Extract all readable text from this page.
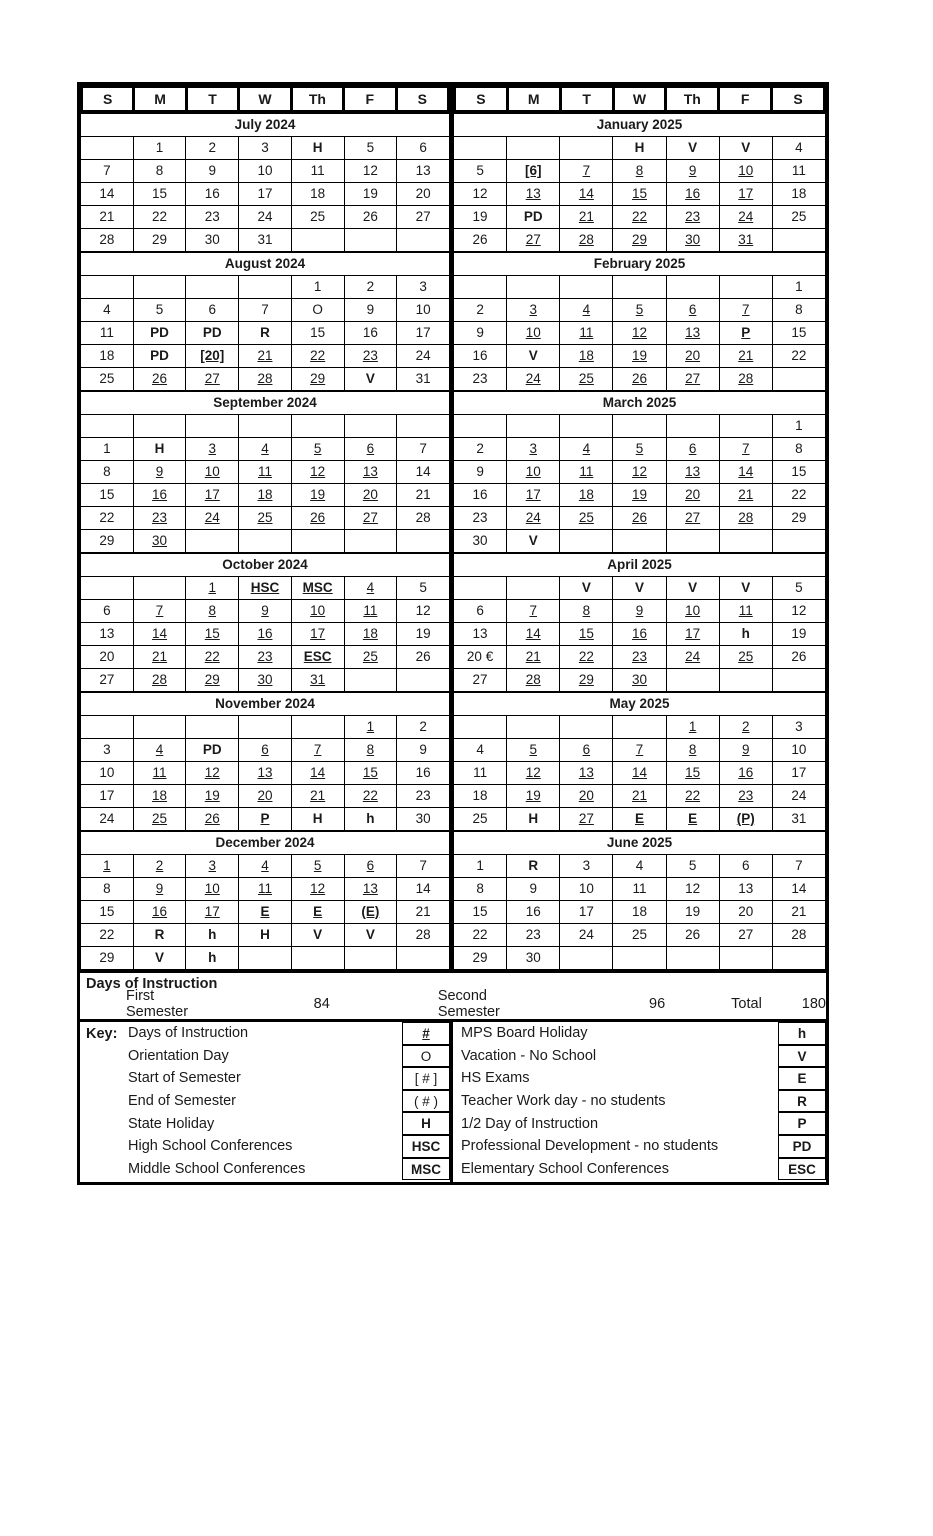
S	M	T	W	Th	F	S
July 2024						
	1	2	3	H	5	6
7	8	9	10	11	12	13
14	15	16	17	18	19	20
21	22	23	24	25	26	27
28	29	30	31			
August 2024						
				1	2	3
4	5	6	7	O	9	10
11	PD	PD	R	15	16	17
18	PD	[20]	21	22	23	24
25	26	27	28	29	V	31
September 2024						

1	H	3	4	5	6	7
8	9	10	11	12	13	14
15	16	17	18	19	20	21
22	23	24	25	26	27	28
29	30					
October 2024						
		1	HSC	MSC	4	5
6	7	8	9	10	11	12
13	14	15	16	17	18	19
20	21	22	23	ESC	25	26
27	28	29	30	31		
November 2024						
					1	2
3	4	PD	6	7	8	9
10	11	12	13	14	15	16
17	18	19	20	21	22	23
24	25	26	P	H	h	30
December 2024						
1	2	3	4	5	6	7
8	9	10	11	12	13	14
15	16	17	E	E	(E)	21
22	R	h	H	V	V	28
29	V	h				
S	M	T	W	Th	F	S
January 2025						
			H	V	V	4
5	[6]	7	8	9	10	11
12	13	14	15	16	17	18
19	PD	21	22	23	24	25
26	27	28	29	30	31	
February 2025						
						1
2	3	4	5	6	7	8
9	10	11	12	13	P	15
16	V	18	19	20	21	22
23	24	25	26	27	28	
March 2025						
						1
2	3	4	5	6	7	8
9	10	11	12	13	14	15
16	17	18	19	20	21	22
23	24	25	26	27	28	29
30	V					
April 2025						
		V	V	V	V	5
6	7	8	9	10	11	12
13	14	15	16	17	h	19
20 €	21	22	23	24	25	26
27	28	29	30			
May 2025						
				1	2	3
4	5	6	7	8	9	10
11	12	13	14	15	16	17
18	19	20	21	22	23	24
25	H	27	E	E	(P)	31
June 2025						
1	R	3	4	5	6	7
8	9	10	11	12	13	14
15	16	17	18	19	20	21
22	23	24	25	26	27	28
29	30					
Days of Instruction
First Semester	84	Second Semester	96	Total	180
Key: Days of Instruction	#
Orientation Day	O
Start of Semester	[ # ]
End of Semester	( # )
State Holiday	H
High School Conferences	HSC
Middle School Conferences	MSC
MPS Board Holiday	h
Vacation - No School	V
HS Exams	E
Teacher Work day - no students	R
1/2 Day of Instruction	P
Professional Development - no students	PD
Elementary School Conferences	ESC
